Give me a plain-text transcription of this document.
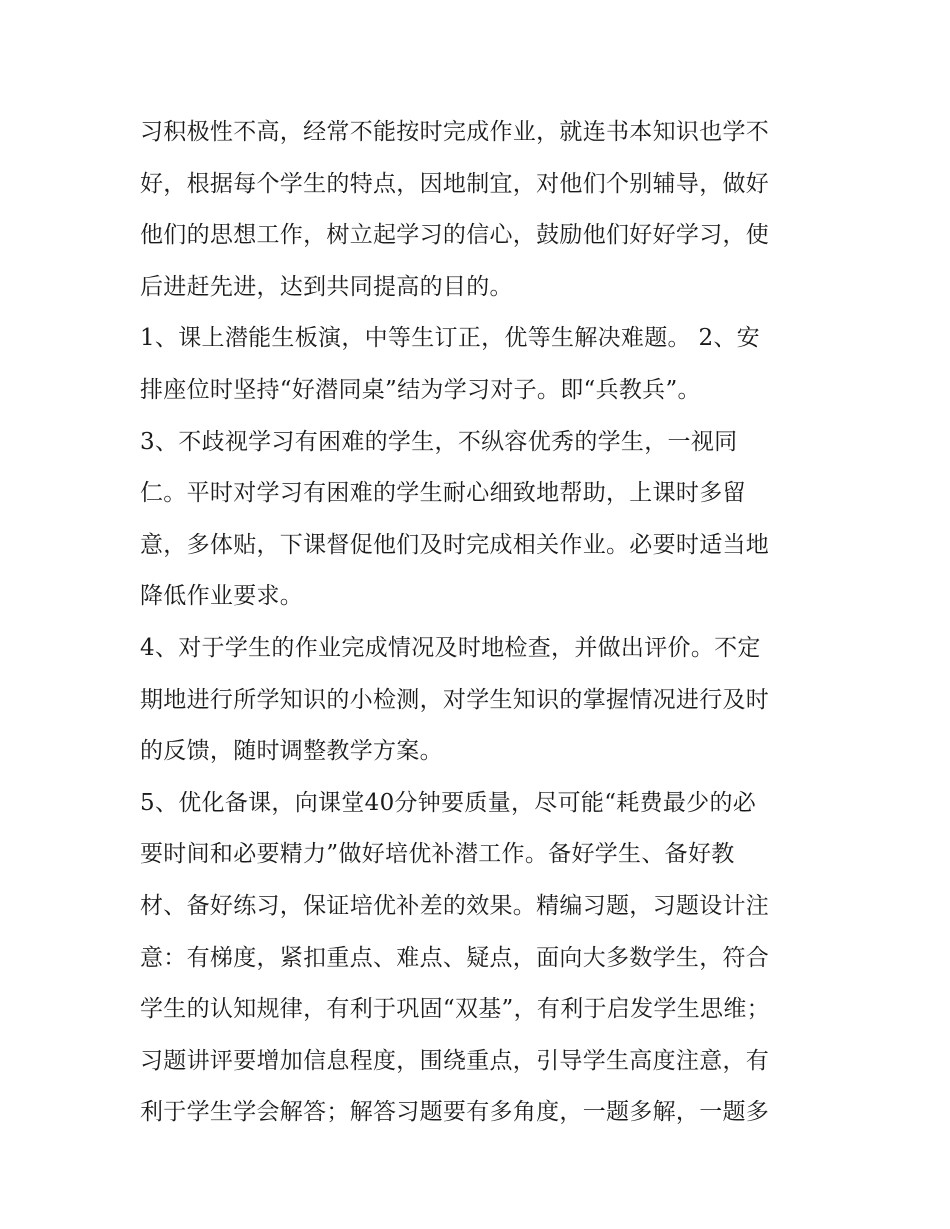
习积极性不高，经常不能按时完成作业，就连书本知识也学不
好，根据每个学生的特点，因地制宜，对他们个别辅导，做好
他们的思想工作，树立起学习的信心，鼓励他们好好学习，使
后进赶先进，达到共同提高的目的。
1、课上潜能生板演，中等生订正，优等生解决难题。 2、安
排座位时坚持“好潜同桌”结为学习对子。即“兵教兵”。
3、不歧视学习有困难的学生，不纵容优秀的学生，一视同
仁。平时对学习有困难的学生耐心细致地帮助，上课时多留
意，多体贴，下课督促他们及时完成相关作业。必要时适当地
降低作业要求。
4、对于学生的作业完成情况及时地检查，并做出评价。不定
期地进行所学知识的小检测，对学生知识的掌握情况进行及时
的反馈，随时调整教学方案。
5、优化备课，向课堂40分钟要质量，尽可能“耗费最少的必
要时间和必要精力”做好培优补潜工作。备好学生、备好教
材、备好练习，保证培优补差的效果。精编习题，习题设计注
意：有梯度，紧扣重点、难点、疑点，面向大多数学生，符合
学生的认知规律，有利于巩固“双基”，有利于启发学生思维；
习题讲评要增加信息程度，围绕重点，引导学生高度注意，有
利于学生学会解答；解答习题要有多角度，一题多解，一题多
